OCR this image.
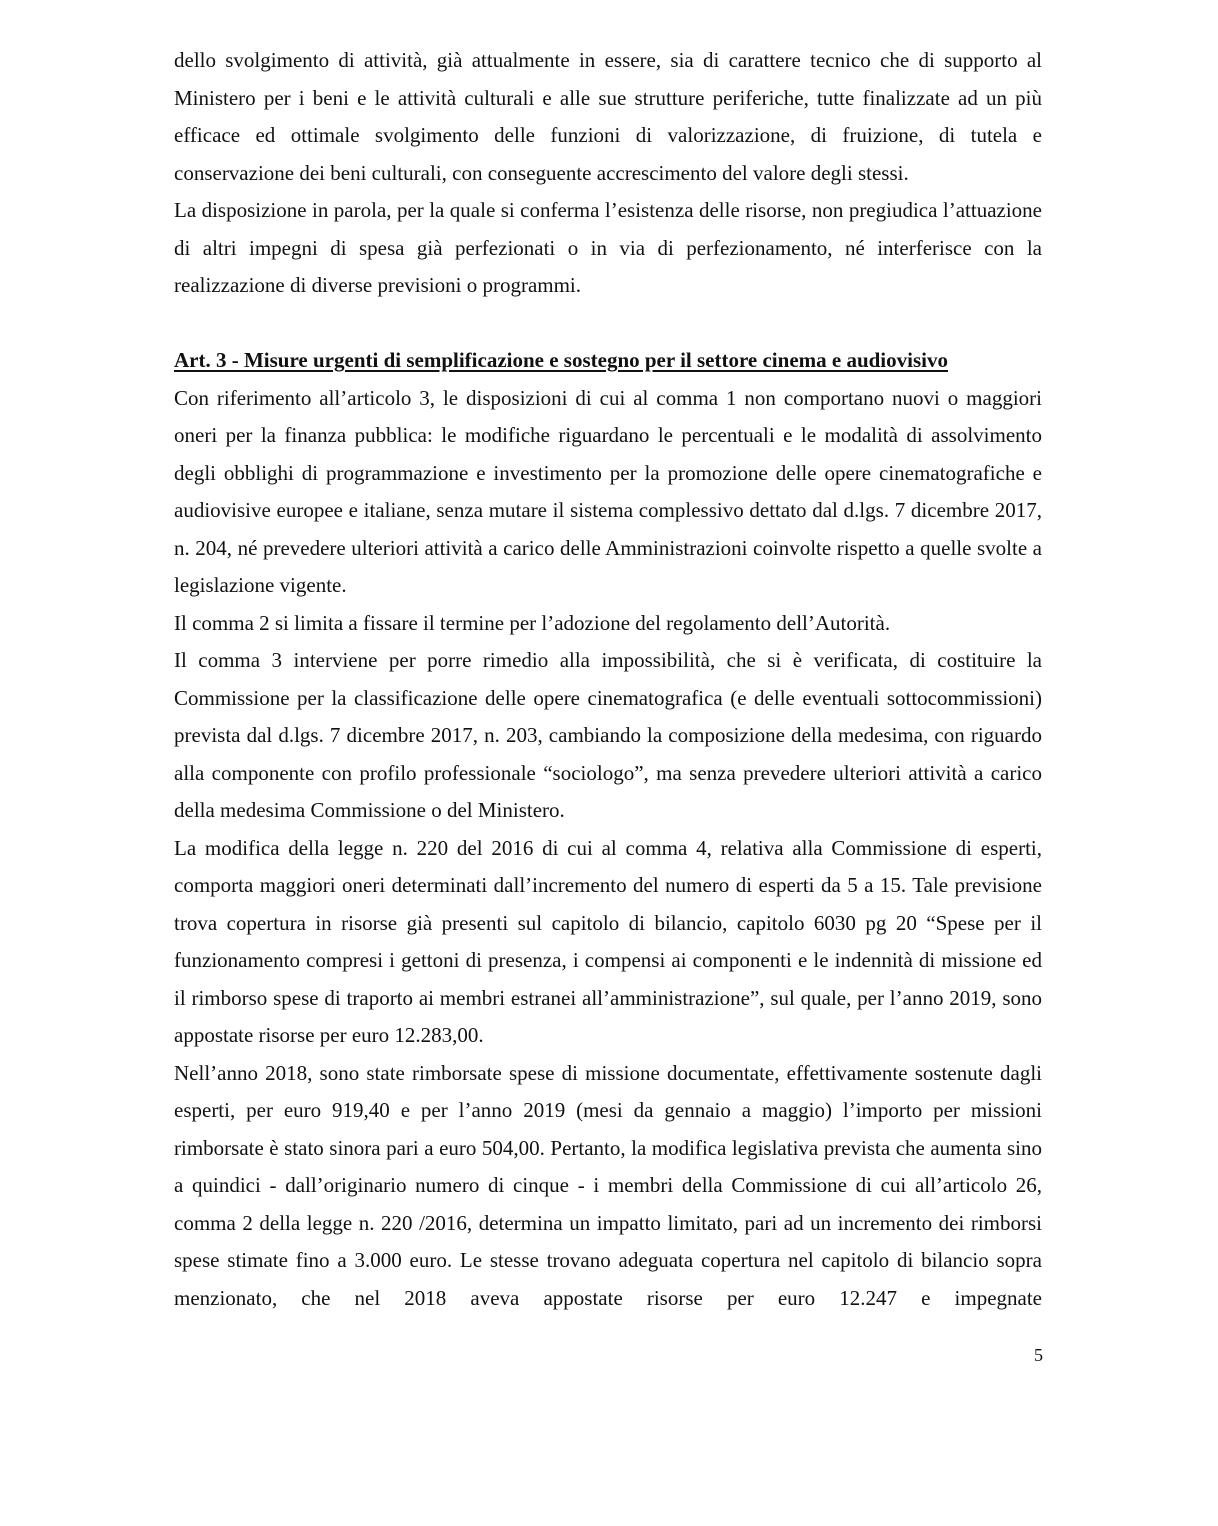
dello svolgimento di attività, già attualmente in essere, sia di carattere tecnico che di supporto al Ministero per i beni e le attività culturali e alle sue strutture periferiche, tutte finalizzate ad un più efficace ed ottimale svolgimento delle funzioni di valorizzazione, di fruizione, di tutela e conservazione dei beni culturali, con conseguente accrescimento del valore degli stessi.

La disposizione in parola, per la quale si conferma l’esistenza delle risorse, non pregiudica l’attuazione di altri impegni di spesa già perfezionati o in via di perfezionamento, né interferisce con la realizzazione di diverse previsioni o programmi.

Art. 3 - Misure urgenti di semplificazione e sostegno per il settore cinema e audiovisivo

Con riferimento all’articolo 3, le disposizioni di cui al comma 1 non comportano nuovi o maggiori oneri per la finanza pubblica: le modifiche riguardano le percentuali e le modalità di assolvimento degli obblighi di programmazione e investimento per la promozione delle opere cinematografiche e audiovisive europee e italiane, senza mutare il sistema complessivo dettato dal d.lgs. 7 dicembre 2017, n. 204, né prevedere ulteriori attività a carico delle Amministrazioni coinvolte rispetto a quelle svolte a legislazione vigente.

Il comma 2 si limita a fissare il termine per l’adozione del regolamento dell’Autorità.

Il comma 3 interviene per porre rimedio alla impossibilità, che si è verificata, di costituire la Commissione per la classificazione delle opere cinematografica (e delle eventuali sottocommissioni) prevista dal d.lgs. 7 dicembre 2017, n. 203, cambiando la composizione della medesima, con riguardo alla componente con profilo professionale “sociologo”, ma senza prevedere ulteriori attività a carico della medesima Commissione o del Ministero.

La modifica della legge n. 220 del 2016 di cui al comma 4, relativa alla Commissione di esperti, comporta maggiori oneri determinati dall’incremento del numero di esperti da 5 a 15. Tale previsione trova copertura in risorse già presenti sul capitolo di bilancio, capitolo 6030 pg 20 “Spese per il funzionamento compresi i gettoni di presenza, i compensi ai componenti e le indennità di missione ed il rimborso spese di traporto ai membri estranei all’amministrazione”, sul quale, per l’anno 2019, sono appostate risorse per euro 12.283,00.

Nell’anno 2018, sono state rimborsate spese di missione documentate, effettivamente sostenute dagli esperti, per euro 919,40 e per l’anno 2019 (mesi da gennaio a maggio) l’importo per missioni rimborsate è stato sinora pari a euro 504,00. Pertanto, la modifica legislativa prevista che aumenta sino a quindici - dall’originario numero di cinque - i membri della Commissione di cui all’articolo 26, comma 2 della legge n. 220 /2016, determina un impatto limitato, pari ad un incremento dei rimborsi spese stimate fino a 3.000 euro. Le stesse trovano adeguata copertura nel capitolo di bilancio sopra menzionato, che nel 2018 aveva appostate risorse per euro 12.247 e impegnate

5
